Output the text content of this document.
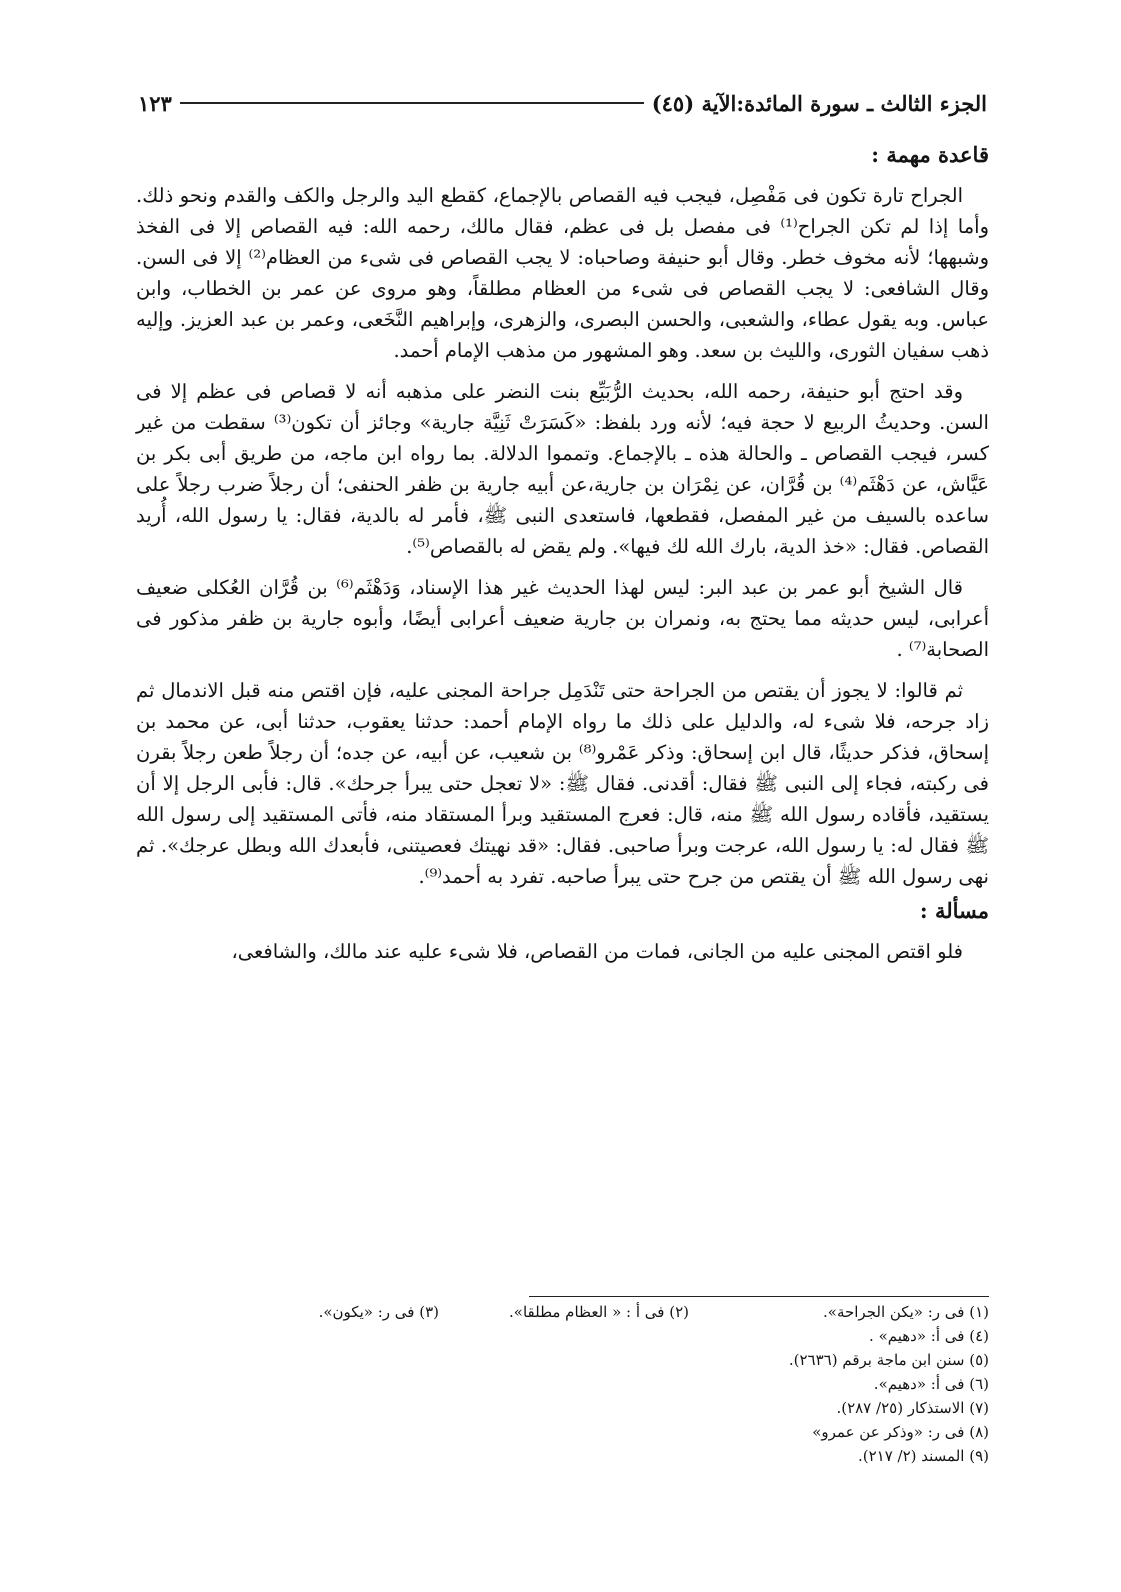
الجزء الثالث ـ سورة المائدة:الآية (٤٥)
١٢٣
قاعدة مهمة :

الجراح تارة تكون فى مَفْصِل، فيجب فيه القصاص بالإجماع، كقطع اليد والرجل والكف والقدم ونحو ذلك. وأما إذا لم تكن الجراح⁽¹⁾ فى مفصل بل فى عظم، فقال مالك، رحمه الله: فيه القصاص إلا فى الفخذ وشبهها؛ لأنه مخوف خطر. وقال أبو حنيفة وصاحباه: لا يجب القصاص فى شىء من العظام⁽²⁾ إلا فى السن. وقال الشافعى: لا يجب القصاص فى شىء من العظام مطلقاً، وهو مروى عن عمر بن الخطاب، وابن عباس. وبه يقول عطاء، والشعبى، والحسن البصرى، والزهرى، وإبراهيم النَّخَعى، وعمر بن عبد العزيز. وإليه ذهب سفيان الثورى، والليث بن سعد. وهو المشهور من مذهب الإمام أحمد.

وقد احتج أبو حنيفة، رحمه الله، بحديث الرُّبَيِّع بنت النضر على مذهبه أنه لا قصاص فى عظم إلا فى السن. وحديثُ الربيع لا حجة فيه؛ لأنه ورد بلفظ: «كَسَرَتْ ثَنِيَّة جارية» وجائز أن تكون⁽³⁾ سقطت من غير كسر، فيجب القصاص ـ والحالة هذه ـ بالإجماع. وتمموا الدلالة. بما رواه ابن ماجه، من طريق أبى بكر بن عَيَّاش، عن دَهْثَم⁽⁴⁾ بن قُرَّان، عن نِمْرَان بن جارية،عن أبيه جارية بن ظفر الحنفى؛ أن رجلاً ضرب رجلاً على ساعده بالسيف من غير المفصل، فقطعها، فاستعدى النبى ﷺ، فأمر له بالدية، فقال: يا رسول الله، أُريد القصاص. فقال: «خذ الدية، بارك الله لك فيها». ولم يقض له بالقصاص⁽⁵⁾.

قال الشيخ أبو عمر بن عبد البر: ليس لهذا الحديث غير هذا الإسناد، وَدَهْثَم⁽⁶⁾ بن قُرَّان العُكلى ضعيف أعرابى، ليس حديثه مما يحتج به، ونمران بن جارية ضعيف أعرابى أيضًا، وأبوه جارية بن ظفر مذكور فى الصحابة⁽⁷⁾ .

ثم قالوا: لا يجوز أن يقتص من الجراحة حتى تَنْدَمِل جراحة المجنى عليه، فإن اقتص منه قبل الاندمال ثم زاد جرحه، فلا شىء له، والدليل على ذلك ما رواه الإمام أحمد: حدثنا يعقوب، حدثنا أبى، عن محمد بن إسحاق، فذكر حديثًا، قال ابن إسحاق: وذكر عَمْرو⁽⁸⁾ بن شعيب، عن أبيه، عن جده؛ أن رجلاً طعن رجلاً بقرن فى ركبته، فجاء إلى النبى ﷺ فقال: أقدنى. فقال ﷺ: «لا تعجل حتى يبرأ جرحك». قال: فأبى الرجل إلا أن يستقيد، فأقاده رسول الله ﷺ منه، قال: فعرج المستقيد وبرأ المستقاد منه، فأتى المستقيد إلى رسول الله ﷺ فقال له: يا رسول الله، عرجت وبرأ صاحبى. فقال: «قد نهيتك فعصيتنى، فأبعدك الله وبطل عرجك». ثم نهى رسول الله ﷺ أن يقتص من جرح حتى يبرأ صاحبه. تفرد به أحمد⁽⁹⁾.

مسألة :

فلو اقتص المجنى عليه من الجانى، فمات من القصاص، فلا شىء عليه عند مالك، والشافعى،

(١) فى ر: «يكن الجراحة».
(٢) فى أ : « العظام مطلقا».
(٣) فى ر: «يكون».
(٤) فى أ: «دهيم» .
(٥) سنن ابن ماجة برقم (٢٦٣٦).
(٦) فى أ: «دهيم».
(٧) الاستذكار (٢٥/ ٢٨٧).
(٨) فى ر: «وذكر عن عمرو»
(٩) المسند (٢/ ٢١٧).
